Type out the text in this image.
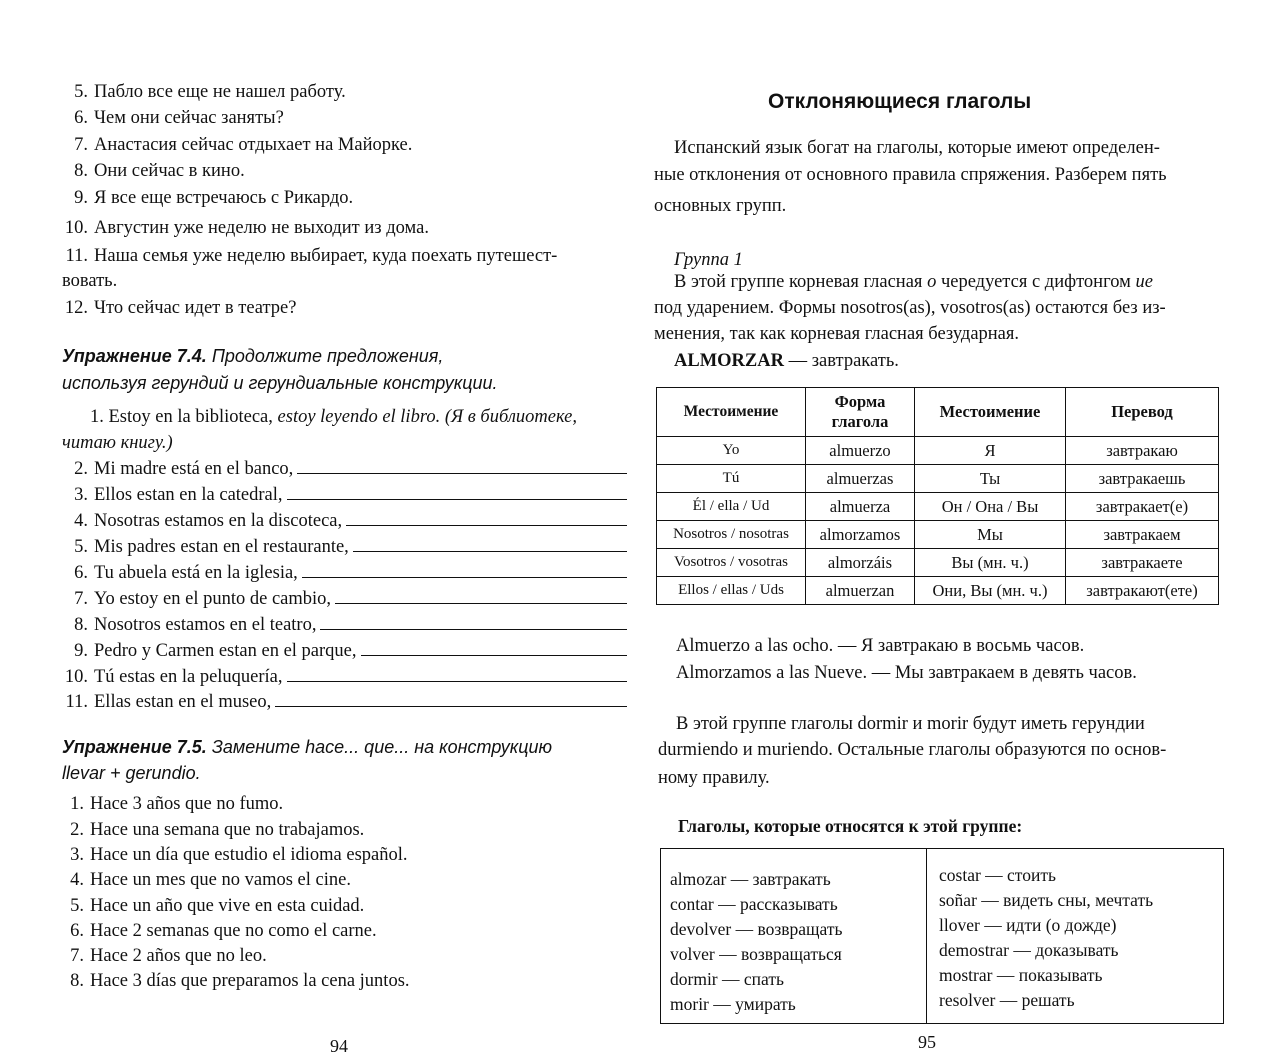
5. Пабло все еще не нашел работу.
6. Чем они сейчас заняты?
7. Анастасия сейчас отдыхает на Майорке.
8. Они сейчас в кино.
9. Я все еще встречаюсь с Рикардо.
10. Августин уже неделю не выходит из дома.
11. Наша семья уже неделю выбирает, куда поехать путешест-
вовать.
12. Что сейчас идет в театре?
Упражнение 7.4. Продолжите предложения,
используя герундий и герундиальные конструкции.
1. Estoy en la biblioteca, estoy leyendo el libro. (Я в библиотеке,
читаю книгу.)
2. Mi madre está en el banco,
3. Ellos estan en la catedral,
4. Nosotras estamos en la discoteca,
5. Mis padres estan en el restaurante,
6. Tu abuela está en la iglesia,
7. Yo estoy en el punto de cambio,
8. Nosotros estamos en el teatro,
9. Pedro y Carmen estan en el parque,
10. Tú estas en la peluquería,
11. Ellas estan en el museo,
Упражнение 7.5. Замените hace... que... на конструкцию
llevar + gerundio.
1. Hace 3 años que no fumo.
2. Hace una semana que no trabajamos.
3. Hace un día que estudio el idioma español.
4. Hace un mes que no vamos el cine.
5. Hace un año que vive en esta cuidad.
6. Hace 2 semanas que no como el carne.
7. Hace 2 años que no leo.
8. Hace 3 días que preparamos la cena juntos.
94
Отклоняющиеся глаголы
Испанский язык богат на глаголы, которые имеют определен-
ные отклонения от основного правила спряжения. Разберем пять
основных групп.
Группа 1
В этой группе корневая гласная o чередуется с дифтонгом ие
под ударением. Формы nosotros(as), vosotros(as) остаются без из-
менения, так как корневая гласная безударная.
ALMORZAR — завтракать.
Местоимение	Форма глагола	Местоимение	Перевод
Yo	almuerzo	Я	завтракаю
Tú	almuerzas	Ты	завтракаешь
Él / ella / Ud	almuerza	Он / Она / Вы	завтракает(е)
Nosotros / nosotras	almorzamos	Мы	завтракаем
Vosotros / vosotras	almorzáis	Вы (мн. ч.)	завтракаете
Ellos / ellas / Uds	almuerzan	Они, Вы (мн. ч.)	завтракают(ете)
Almuerzo a las ocho. — Я завтракаю в восьмь часов.
Almorzamos a las Nueve. — Мы завтракаем в девять часов.
В этой группе глаголы dormir и morir будут иметь герундии
durmiendo и muriendo. Остальные глаголы образуются по основ-
ному правилу.
Глаголы, которые относятся к этой группе:
almozar — завтракать
contar — рассказывать
devolver — возвращать
volver — возвращаться
dormir — спать
morir — умирать
costar — стоить
soñar — видеть сны, мечтать
llover — идти (о дожде)
demostrar — доказывать
mostrar — показывать
resolver — решать
95
